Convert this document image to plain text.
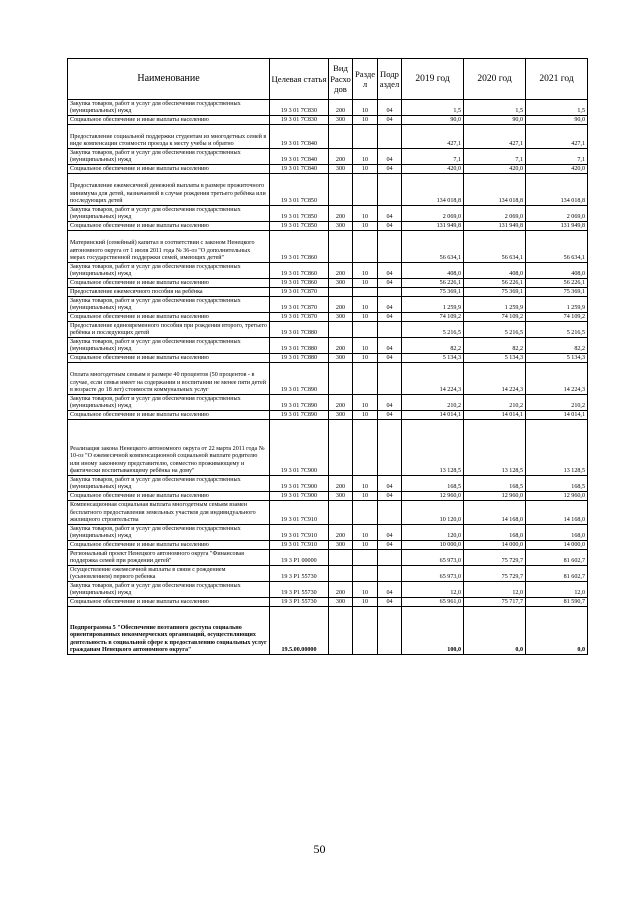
Наименование	Целевая статья	Вид Расхо дов	Разде л	Подр аздел	2019 год	2020 год	2021 год
Закупка товаров, работ и услуг для обеспечения государственных (муниципальных) нужд	19 3 01 7С830	200	10	04	1,5	1,5	1,5
Социальное обеспечение и иные выплаты населению	19 3 01 7С830	300	10	04	90,0	90,0	90,0
Предоставление социальной поддержки студентам из многодетных семей в виде компенсации стоимости проезда к месту учебы и обратно	19 3 01 7С840				427,1	427,1	427,1
Закупка товаров, работ и услуг для обеспечения государственных (муниципальных) нужд	19 3 01 7С840	200	10	04	7,1	7,1	7,1
Социальное обеспечение и иные выплаты населению	19 3 01 7С840	300	10	04	420,0	420,0	420,0
Предоставление ежемесячной денежной выплаты в размере прожиточного минимума для детей, назначаемой в случае рождения третьего ребёнка или последующих детей	19 3 01 7С850				134 018,8	134 018,8	134 018,8
Закупка товаров, работ и услуг для обеспечения государственных (муниципальных) нужд	19 3 01 7С850	200	10	04	2 069,0	2 069,0	2 069,0
Социальное обеспечение и иные выплаты населению	19 3 01 7С850	300	10	04	131 949,8	131 949,8	131 949,8
Материнский (семейный) капитал в соответствии с законом Ненецкого автономного округа от 1 июля 2011 года № 36-оз "О дополнительных мерах государственной поддержки семей, имеющих детей"	19 3 01 7С860				56 634,1	56 634,1	56 634,1
Закупка товаров, работ и услуг для обеспечения государственных (муниципальных) нужд	19 3 01 7С860	200	10	04	408,0	408,0	408,0
Социальное обеспечение и иные выплаты населению	19 3 01 7С860	300	10	04	56 226,1	56 226,1	56 226,1
Предоставление ежемесячного пособия на ребёнка	19 3 01 7С870				75 369,1	75 369,1	75 369,1
Закупка товаров, работ и услуг для обеспечения государственных (муниципальных) нужд	19 3 01 7С870	200	10	04	1 259,9	1 259,9	1 259,9
Социальное обеспечение и иные выплаты населению	19 3 01 7С870	300	10	04	74 109,2	74 109,2	74 109,2
Предоставление единовременного пособия при рождении второго, третьего ребёнка и последующих детей	19 3 01 7С880				5 216,5	5 216,5	5 216,5
Закупка товаров, работ и услуг для обеспечения государственных (муниципальных) нужд	19 3 01 7С880	200	10	04	82,2	82,2	82,2
Социальное обеспечение и иные выплаты населению	19 3 01 7С880	300	10	04	5 134,3	5 134,3	5 134,3
Оплата многодетным семьям в размере 40 процентов (50 процентов - в случае, если семья имеет на содержании и воспитании не менее пяти детей в возрасте до 18 лет) стоимости коммунальных услуг	19 3 01 7С890				14 224,3	14 224,3	14 224,3
Закупка товаров, работ и услуг для обеспечения государственных (муниципальных) нужд	19 3 01 7С890	200	10	04	210,2	210,2	210,2
Социальное обеспечение и иные выплаты населению	19 3 01 7С890	300	10	04	14 014,1	14 014,1	14 014,1
Реализация закона Ненецкого автономного округа от 22 марта 2011 года № 10-оз "О ежемесячной компенсационной социальной выплате родителю или иному законному представителю, совместно проживающему и фактически воспитывающему ребёнка на дому"	19 3 01 7С900				13 128,5	13 128,5	13 128,5
Закупка товаров, работ и услуг для обеспечения государственных (муниципальных) нужд	19 3 01 7С900	200	10	04	168,5	168,5	168,5
Социальное обеспечение и иные выплаты населению	19 3 01 7С900	300	10	04	12 960,0	12 960,0	12 960,0
Компенсационная социальная выплата многодетным семьям взамен бесплатного предоставления земельных участков для индивидуального жилищного строительства	19 3 01 7С910				10 120,0	14 168,0	14 168,0
Закупка товаров, работ и услуг для обеспечения государственных (муниципальных) нужд	19 3 01 7С910	200	10	04	120,0	168,0	168,0
Социальное обеспечение и иные выплаты населению	19 3 01 7С910	300	10	04	10 000,0	14 000,0	14 000,0
Региональный проект Ненецкого автономного округа "Финансовая поддержка семей при рождении детей"	19 3 P1 00000				65 973,0	75 729,7	81 602,7
Осуществление ежемесячной выплаты в связи с рождением (усыновлением) первого ребенка	19 3 P1 55730				65 973,0	75 729,7	81 602,7
Закупка товаров, работ и услуг для обеспечения государственных (муниципальных) нужд	19 3 P1 55730	200	10	04	12,0	12,0	12,0
Социальное обеспечение и иные выплаты населению	19 3 P1 55730	300	10	04	65 961,0	75 717,7	81 590,7
Подпрограмма 5 "Обеспечение поэтапного доступа социально ориентированных некоммерческих организаций, осуществляющих деятельность в социальной сфере к предоставлению социальных услуг гражданам Ненецкого автономного округа"	19.5.00.00000				100,0	0,0	0,0
50
